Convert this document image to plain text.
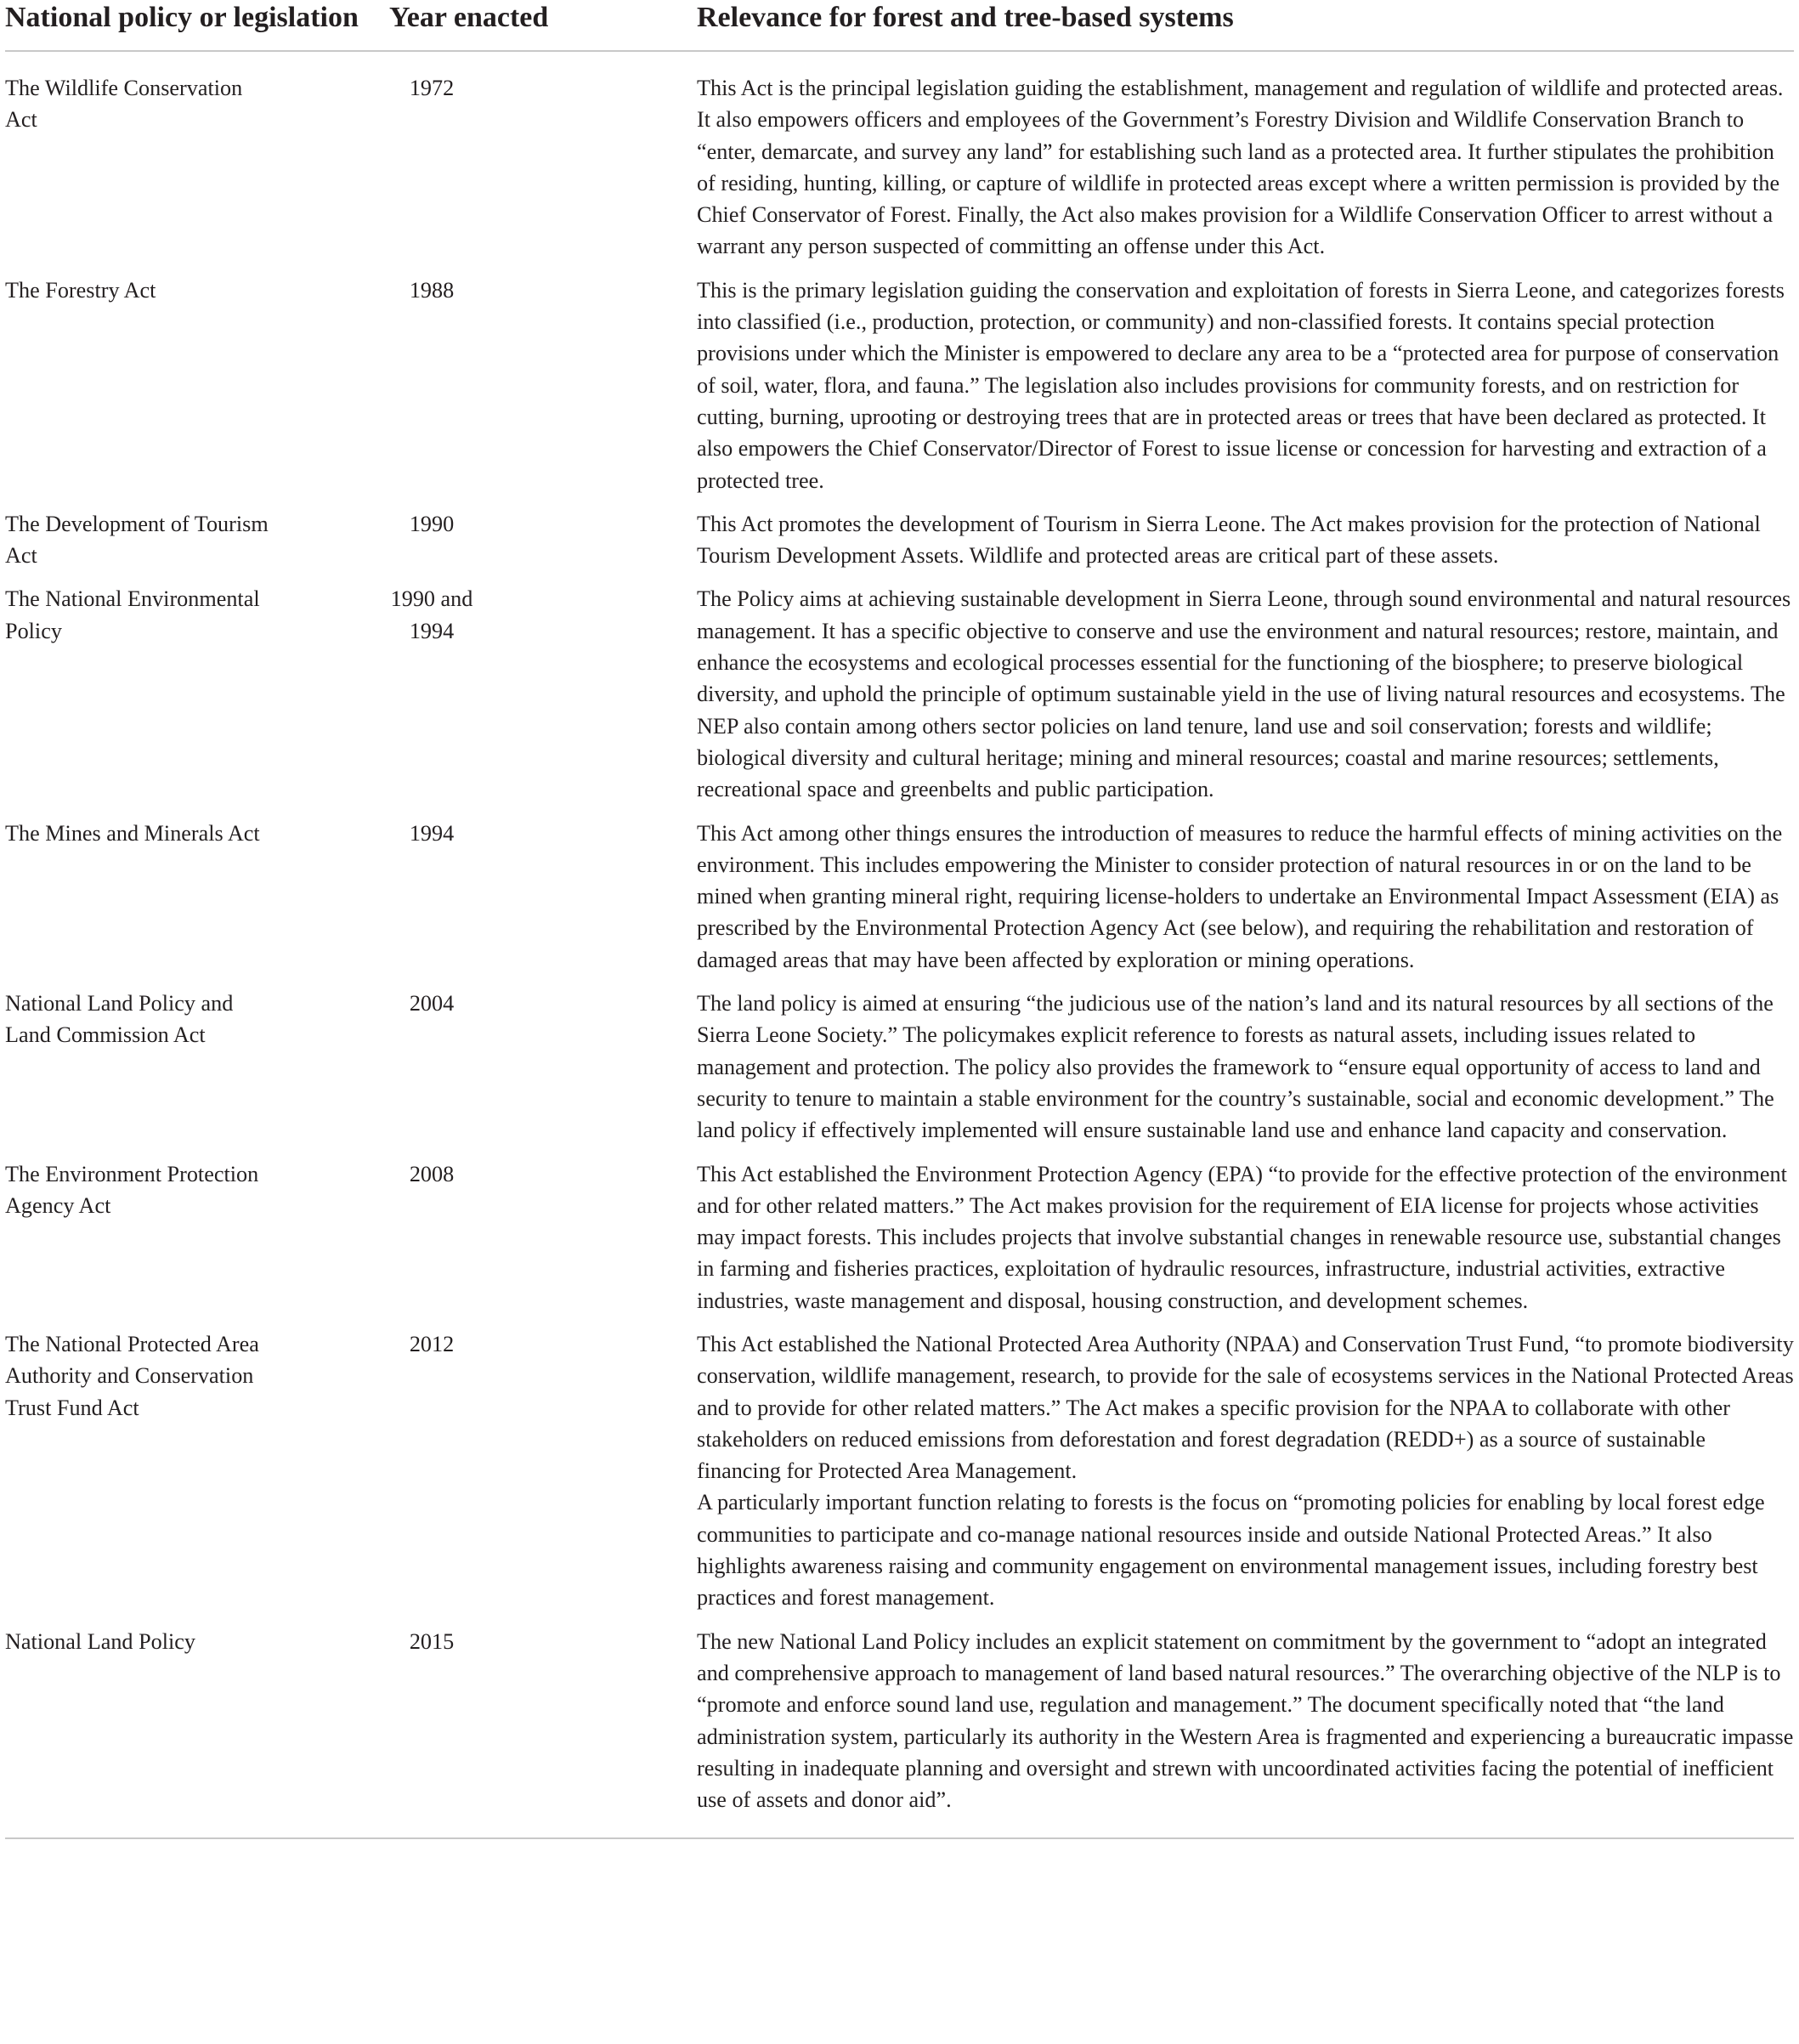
National policy or legislation	Year enacted	Relevance for forest and tree-based systems
The Wildlife Conservation Act	1972	This Act is the principal legislation guiding the establishment, management and regulation of wildlife and protected areas. It also empowers officers and employees of the Government’s Forestry Division and Wildlife Conservation Branch to “enter, demarcate, and survey any land” for establishing such land as a protected area. It further stipulates the prohibition of residing, hunting, killing, or capture of wildlife in protected areas except where a written permission is provided by the Chief Conservator of Forest. Finally, the Act also makes provision for a Wildlife Conservation Officer to arrest without a warrant any person suspected of committing an offense under this Act.

The Forestry Act	1988	This is the primary legislation guiding the conservation and exploitation of forests in Sierra Leone, and categorizes forests into classified (i.e., production, protection, or community) and non-classified forests. It contains special protection provisions under which the Minister is empowered to declare any area to be a “protected area for purpose of conservation of soil, water, flora, and fauna.” The legislation also includes provisions for community forests, and on restriction for cutting, burning, uprooting or destroying trees that are in protected areas or trees that have been declared as protected. It also empowers the Chief Conservator/Director of Forest to issue license or concession for harvesting and extraction of a protected tree.

The Development of Tourism Act	1990	This Act promotes the development of Tourism in Sierra Leone. The Act makes provision for the protection of National Tourism Development Assets. Wildlife and protected areas are critical part of these assets.

The National Environmental Policy	1990 and 1994	The Policy aims at achieving sustainable development in Sierra Leone, through sound environmental and natural resources management. It has a specific objective to conserve and use the environment and natural resources; restore, maintain, and enhance the ecosystems and ecological processes essential for the functioning of the biosphere; to preserve biological diversity, and uphold the principle of optimum sustainable yield in the use of living natural resources and ecosystems. The NEP also contain among others sector policies on land tenure, land use and soil conservation; forests and wildlife; biological diversity and cultural heritage; mining and mineral resources; coastal and marine resources; settlements, recreational space and greenbelts and public participation.

The Mines and Minerals Act	1994	This Act among other things ensures the introduction of measures to reduce the harmful effects of mining activities on the environment. This includes empowering the Minister to consider protection of natural resources in or on the land to be mined when granting mineral right, requiring license-holders to undertake an Environmental Impact Assessment (EIA) as prescribed by the Environmental Protection Agency Act (see below), and requiring the rehabilitation and restoration of damaged areas that may have been affected by exploration or mining operations.

National Land Policy and Land Commission Act	2004	The land policy is aimed at ensuring “the judicious use of the nation’s land and its natural resources by all sections of the Sierra Leone Society.” The policymakes explicit reference to forests as natural assets, including issues related to management and protection. The policy also provides the framework to “ensure equal opportunity of access to land and security to tenure to maintain a stable environment for the country’s sustainable, social and economic development.” The land policy if effectively implemented will ensure sustainable land use and enhance land capacity and conservation.

The Environment Protection Agency Act	2008	This Act established the Environment Protection Agency (EPA) “to provide for the effective protection of the environment and for other related matters.” The Act makes provision for the requirement of EIA license for projects whose activities may impact forests. This includes projects that involve substantial changes in renewable resource use, substantial changes in farming and fisheries practices, exploitation of hydraulic resources, infrastructure, industrial activities, extractive industries, waste management and disposal, housing construction, and development schemes.

The National Protected Area Authority and Conservation Trust Fund Act	2012	This Act established the National Protected Area Authority (NPAA) and Conservation Trust Fund, “to promote biodiversity conservation, wildlife management, research, to provide for the sale of ecosystems services in the National Protected Areas and to provide for other related matters.” The Act makes a specific provision for the NPAA to collaborate with other stakeholders on reduced emissions from deforestation and forest degradation (REDD+) as a source of sustainable financing for Protected Area Management.
A particularly important function relating to forests is the focus on “promoting policies for enabling by local forest edge communities to participate and co-manage national resources inside and outside National Protected Areas.” It also highlights awareness raising and community engagement on environmental management issues, including forestry best practices and forest management.

National Land Policy	2015	The new National Land Policy includes an explicit statement on commitment by the government to “adopt an integrated and comprehensive approach to management of land based natural resources.” The overarching objective of the NLP is to “promote and enforce sound land use, regulation and management.” The document specifically noted that “the land administration system, particularly its authority in the Western Area is fragmented and experiencing a bureaucratic impasse resulting in inadequate planning and oversight and strewn with uncoordinated activities facing the potential of inefficient use of assets and donor aid”.
